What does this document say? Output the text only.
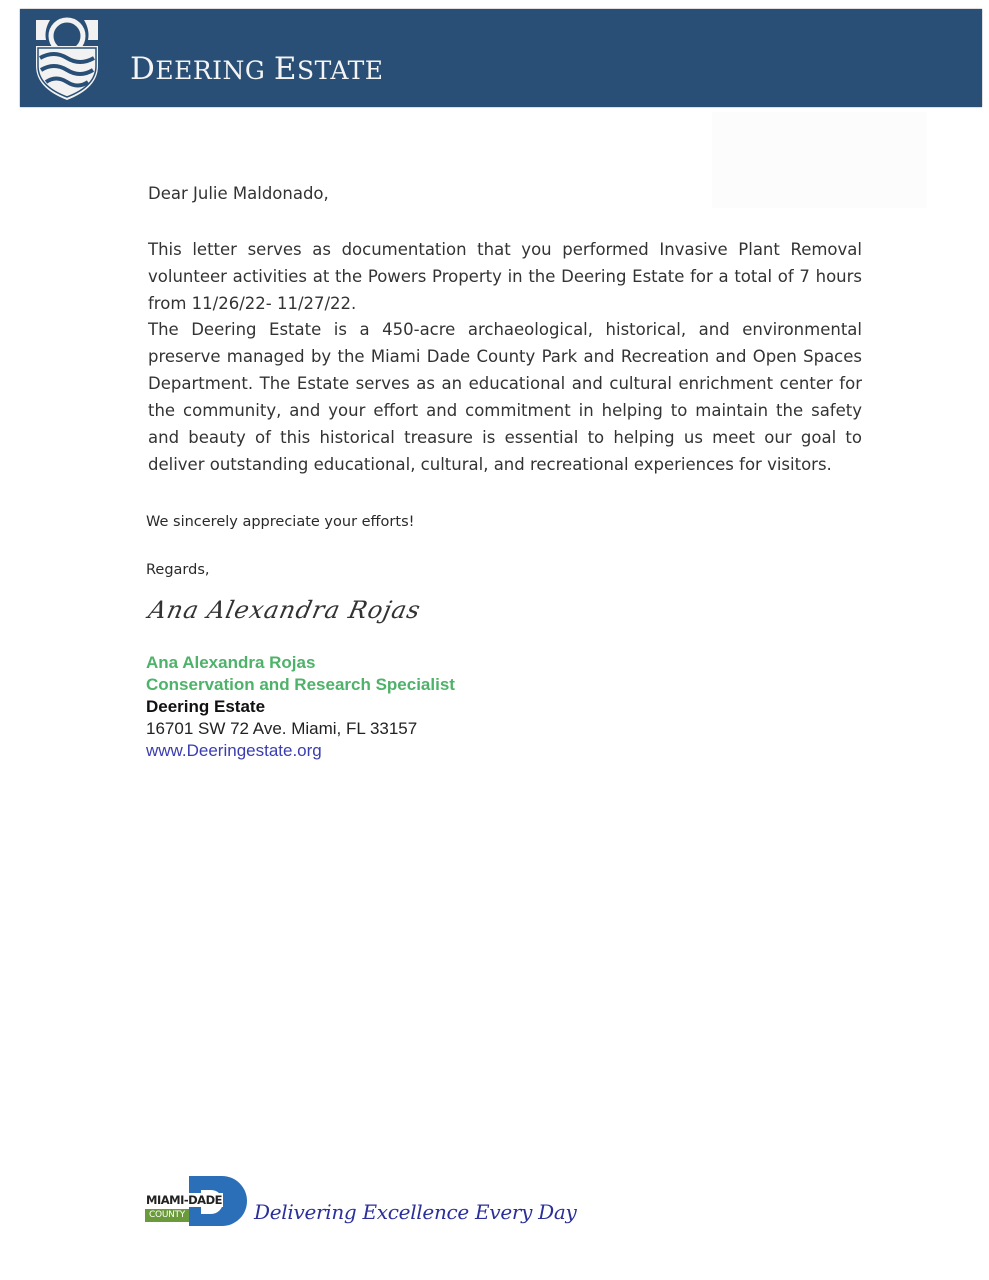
DEERING ESTATE
Dear Julie Maldonado,

This letter serves as documentation that you performed Invasive Plant Removal volunteer activities at the Powers Property in the Deering Estate for a total of 7 hours from 11/26/22- 11/27/22.

The Deering Estate is a 450-acre archaeological, historical, and environmental preserve managed by the Miami Dade County Park and Recreation and Open Spaces Department. The Estate serves as an educational and cultural enrichment center for the community, and your effort and commitment in helping to maintain the safety and beauty of this historical treasure is essential to helping us meet our goal to deliver outstanding educational, cultural, and recreational experiences for visitors.

We sincerely appreciate your efforts!
Regards,
Ana Alexandra Rojas
Ana Alexandra Rojas
Conservation and Research Specialist
Deering Estate
16701 SW 72 Ave. Miami, FL 33157
www.Deeringestate.org
MIAMI-DADE
COUNTY	Delivering Excellence Every Day
